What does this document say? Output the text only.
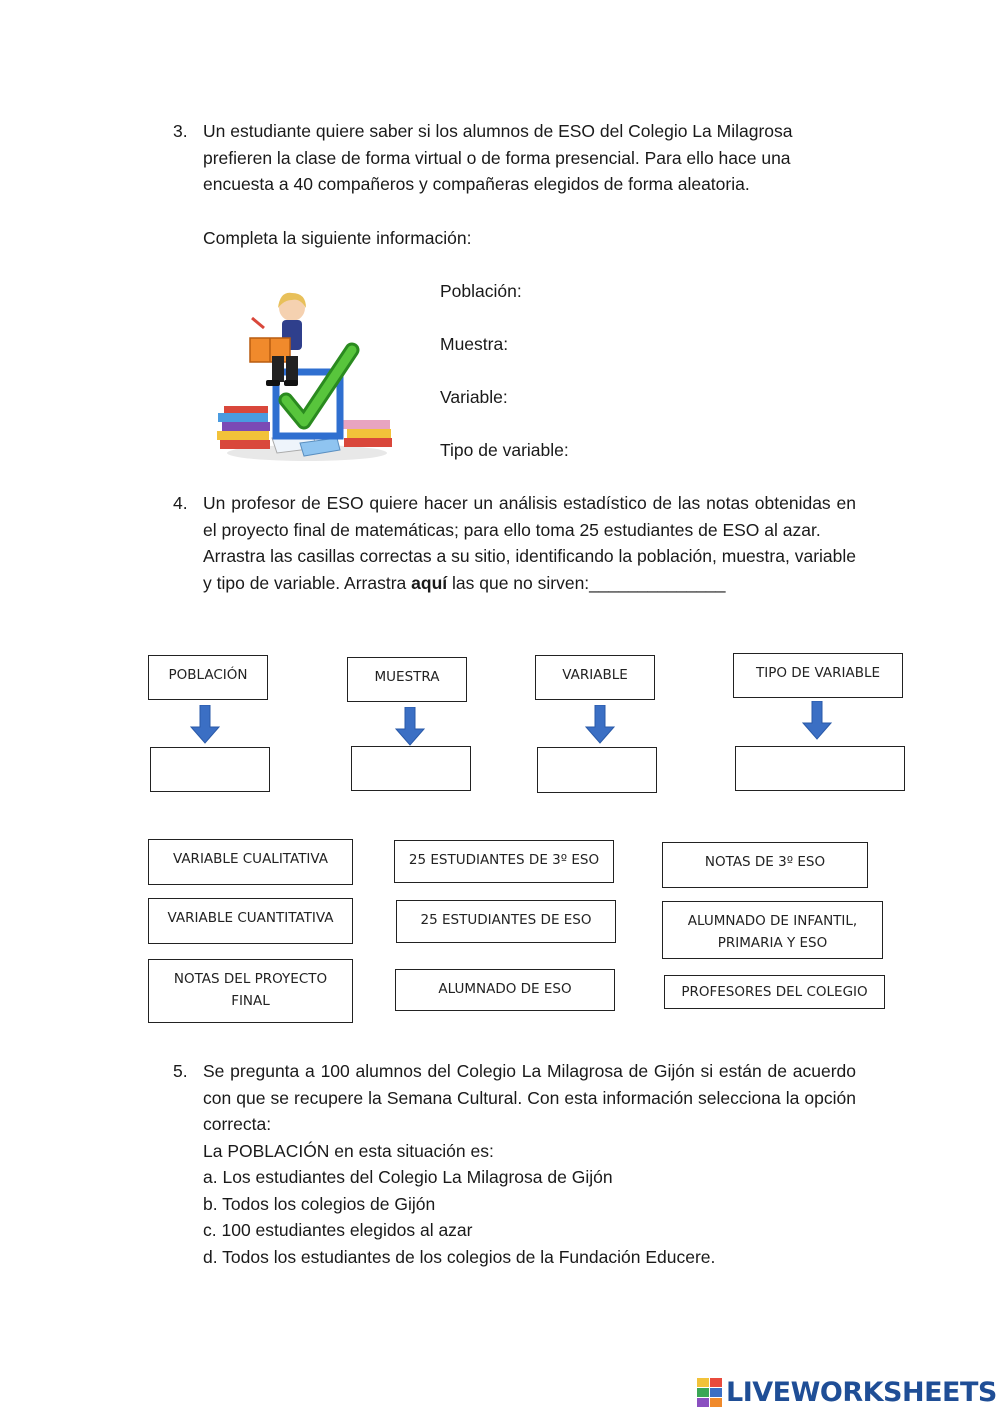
3. Un estudiante quiere saber si los alumnos de ESO del Colegio La Milagrosa
prefieren la clase de forma virtual o de forma presencial. Para ello hace una
encuesta a 40 compañeros y compañeras elegidos de forma aleatoria.
Completa la siguiente información:
Población:
Muestra:
Variable:
Tipo de variable:
4. Un profesor de ESO quiere hacer un análisis estadístico de las notas obtenidas en el proyecto final de matemáticas; para ello toma 25 estudiantes de ESO al azar.
Arrastra las casillas correctas a su sitio, identificando la población, muestra, variable y tipo de variable. Arrastra aquí las que no sirven:______________
POBLACIÓN	MUESTRA	VARIABLE	TIPO DE VARIABLE
VARIABLE CUALITATIVA
VARIABLE CUANTITATIVA
NOTAS DEL PROYECTO FINAL
25 ESTUDIANTES DE 3º ESO
25 ESTUDIANTES DE ESO
ALUMNADO DE ESO
NOTAS DE 3º ESO
ALUMNADO DE INFANTIL, PRIMARIA Y ESO
PROFESORES DEL COLEGIO
5. Se pregunta a 100 alumnos del Colegio La Milagrosa de Gijón si están de acuerdo con que se recupere la Semana Cultural. Con esta información selecciona la opción correcta:
La POBLACIÓN en esta situación es:
a. Los estudiantes del Colegio La Milagrosa de Gijón
b. Todos los colegios de Gijón
c. 100 estudiantes elegidos al azar
d. Todos los estudiantes de los colegios de la Fundación Educere.
LIVEWORKSHEETS
